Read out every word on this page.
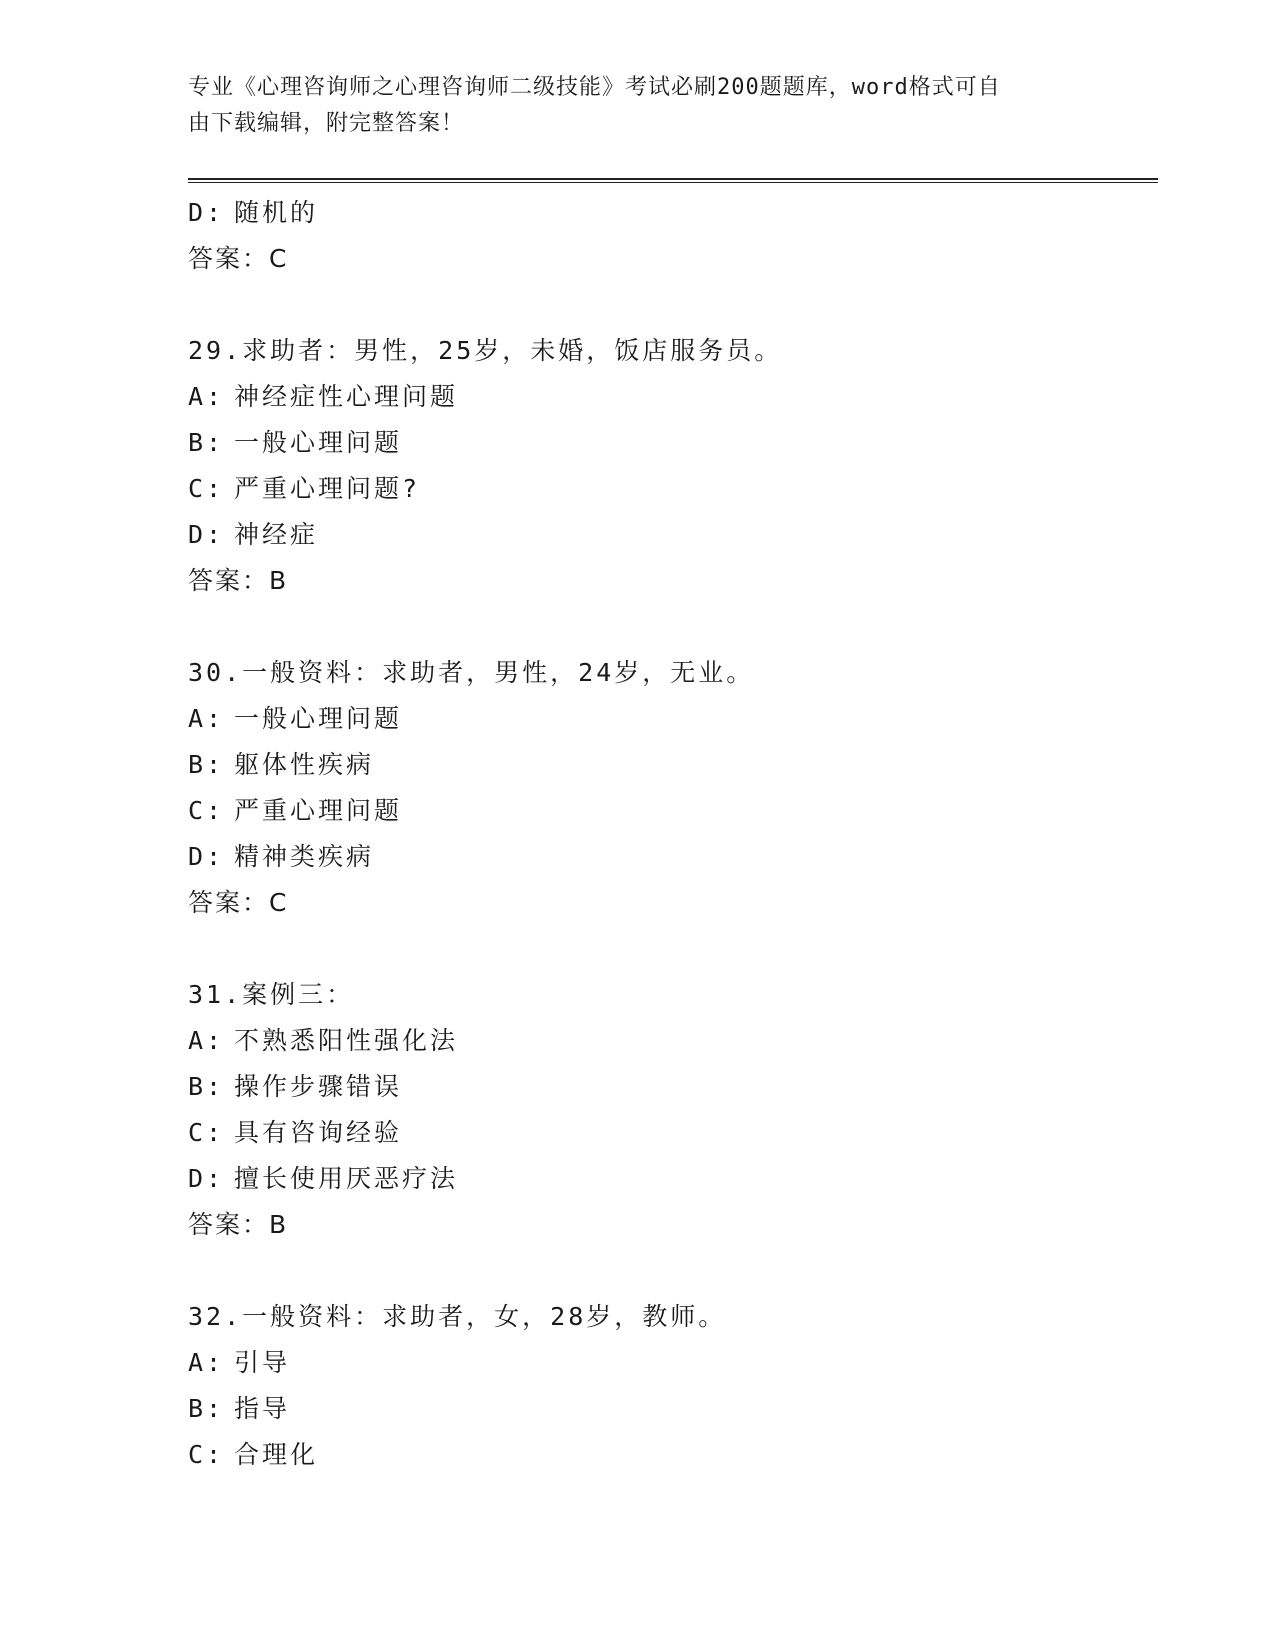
专业《心理咨询师之心理咨询师二级技能》考试必刷200题题库，word格式可自
由下载编辑，附完整答案！
D: 随机的
答案：C
29.求助者：男性，25岁，未婚，饭店服务员。
A: 神经症性心理问题
B: 一般心理问题
C: 严重心理问题?
D: 神经症
答案：B
30.一般资料：求助者，男性，24岁，无业。
A: 一般心理问题
B: 躯体性疾病
C: 严重心理问题
D: 精神类疾病
答案：C
31.案例三：
A: 不熟悉阳性强化法
B: 操作步骤错误
C: 具有咨询经验
D: 擅长使用厌恶疗法
答案：B
32.一般资料：求助者，女，28岁，教师。
A: 引导
B: 指导
C: 合理化
